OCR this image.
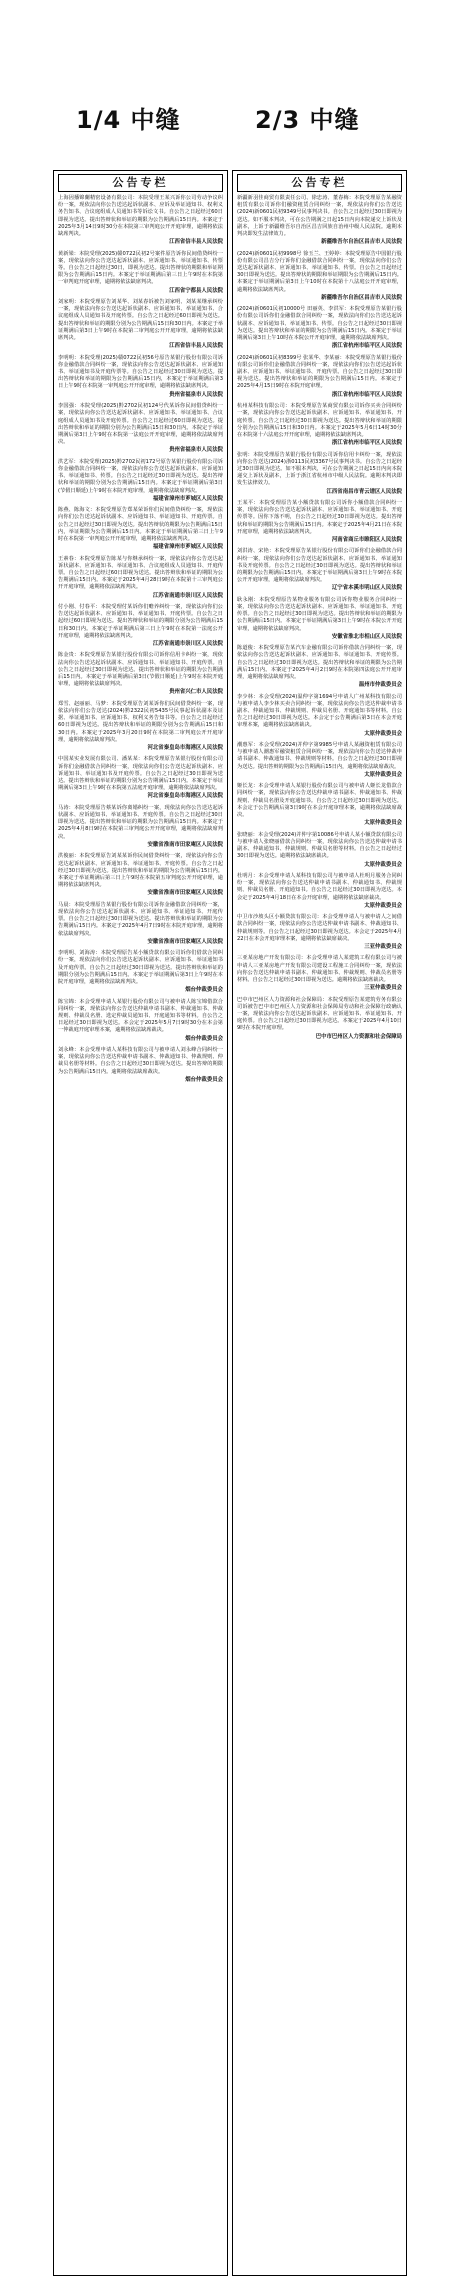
1/4 中缝	2/3 中缝
公告专栏

上海因播锦蘭精密设备有限公司：本院受理王某兴诉你公司劳动争议纠纷一案，现依法向你公告送达起诉状副本、应诉及举证通知书、权利义务告知书、合议庭组成人员通知书等诉讼文书。自公告之日起经过60日即视为送达。提出答辩状和举证的期限为公告期满后15日内。本案定于2025年3月14日9时30分在本院第三审判庭公开开庭审理，逾期将依法缺席判决。

江西省信丰县人民法院

黄新梁：本院受理(2025)赣0722民初2号案件原告诉你民间借贷纠纷一案，现依法向你公告送达起诉状副本、应诉通知书、举证通知书、传票等。自公告之日起经过30日，即视为送达。提出答辩状的期限和举证期限为公告期满后15日内。本案定于举证期满后第三日上午9时在本院第一审判庭开庭审理，逾期将依法缺席判决。

江西省宁都县人民法院

刘家明：本院受理原告刘某华、刘某春诉被告刘家明、刘某某继承纠纷一案，现依法向你公告送达起诉状副本、应诉通知书、举证通知书、合议庭组成人员通知书及开庭传票。自公告之日起经过60日即视为送达。提出答辩状和举证的期限分别为公告期满后15日和30日内。本案定于举证期满后第3日上午9时在本院第二审判庭公开开庭审理，逾期将依法缺席判决。

江西省信丰县人民法院

李明明：本院受理(2025)赣0722民初56号原告某银行股份有限公司诉你金融借款合同纠纷一案，现依法向你公告送达起诉状副本、应诉通知书、举证通知书及开庭传票等。自公告之日起经过30日即视为送达。提出答辩状和举证的期限为公告期满后15日内，本案定于举证期满后第3日上午9时在本院第一审判庭公开开庭审理，逾期将依法缺席判决。

贵州省福泉市人民法院

李国强：本院受理(2025)黔2702民初124号代某诉你民间借贷纠纷一案，现依法向你公告送达起诉状副本、应诉通知书、举证通知书、合议庭组成人员通知书及开庭传票。自公告之日起经过60日即视为送达。提出答辩状和举证的期限分别为公告期满后15日和30日内。本院定于举证期满后第3日上午9时在本院第一法庭公开开庭审理，逾期将依法缺席判决。

贵州省福泉市人民法院

洪艺军：本院受理(2025)黔2702民初172号原告某银行股份有限公司诉你金融借款合同纠纷一案，现依法向你公告送达起诉状副本、应诉通知书、举证通知书、传票。自公告之日起经过30日即视为送达。提出答辩状和举证的期限分别为公告期满后15日内。本案定于举证期满后第3日(节假日顺延)上午9时在本院开庭审理，逾期将依法缺席判决。

福建省漳州市芗城区人民法院

陈燕、陈海文：本院受理原告郑某荣诉你们民间借贷纠纷一案，现依法向你们公告送达起诉状副本、应诉通知书、举证通知书、开庭传票。自公告之日起经过30日即视为送达。提出答辩状的期限为公告期满后15日内，举证期限为公告期满后15日内。本案定于举证期满后第三日上午9时在本院第一审判庭公开开庭审理，逾期将依法缺席判决。

福建省漳州市芗城区人民法院

王素春：本院受理原告陈某与你继承纠纷一案，现依法向你公告送达起诉状副本、应诉通知书、举证通知书、合议庭组成人员通知书、开庭传票。自公告之日起经过60日即视为送达。提出答辩状和举证的期限为公告期满后15日内。本案定于2025年4月28日9时在本院第十三审判庭公开开庭审理，逾期将依法缺席判决。

江苏省南通市崇川区人民法院

付小刚、付春平：本院受理付某诉你们赡养纠纷一案，现依法向你们公告送达起诉状副本、应诉通知书、举证通知书、开庭传票。自公告之日起经过60日即视为送达。提出答辩状和举证的期限分别为公告期满后15日和30日内。本案定于举证期满后第三日上午9时在本院第一法庭公开开庭审理，逾期将依法缺席判决。

江苏省南通市崇川区人民法院

陈金贵：本院受理原告某银行股份有限公司诉你信用卡纠纷一案，现依法向你公告送达起诉状副本、应诉通知书、举证通知书、开庭传票。自公告之日起经过30日即视为送达。提出答辩状和举证的期限为公告期满后15日内。本案定于举证期满后第3日(节假日顺延)上午9时在本院开庭审理，逾期将依法缺席判决。

贵州省兴仁市人民法院

郑雪、赵丽丽、马梦：本院受理原告刘某诉你们民间借贷纠纷一案，现依法向你们公告送达(2024)黔2322民初5435号民事起诉状副本及证据、举证通知书、应诉通知书、权利义务告知书等。自公告之日起经过60日即视为送达。提出答辩状和举证的期限分别为公告期满后15日和30日内。本案定于2025年3月20日9时在本院第二审判庭公开开庭审理，逾期将依法缺席判决。

河北省秦皇岛市海港区人民法院

中国某实业发展有限公司、潘某某：本院受理原告某银行股份有限公司诉你们金融借款合同纠纷一案，现依法向你们公告送达起诉状副本、应诉通知书、举证通知书及开庭传票。自公告之日起经过30日即视为送达。提出答辩状和举证的期限分别为公告期满后15日内。本案定于举证期满后第3日上午9时在本院第五法庭开庭审理，逾期将依法缺席判决。

河北省秦皇岛市海港区人民法院

马涛：本院受理原告蔡某诉你离婚纠纷一案，现依法向你公告送达起诉状副本、应诉通知书、举证通知书、开庭传票。自公告之日起经过30日即视为送达。提出答辩状和举证的期限为公告期满后15日内。本案定于2025年4月8日9时在本院第三审判庭公开开庭审理，逾期将依法缺席判决。

安徽省淮南市田家庵区人民法院

洪俊丽：本院受理原告刘某某诉你民间借贷纠纷一案，现依法向你公告送达起诉状副本、应诉通知书、举证通知书、开庭传票。自公告之日起经过30日即视为送达。提出答辩状和举证的期限为公告期满后15日内。本案定于举证期满后第三日上午9时在本院第五审判庭公开开庭审理，逾期将依法缺席判决。

安徽省淮南市田家庵区人民法院

马晨：本院受理原告某银行股份有限公司诉你金融借款合同纠纷一案，现依法向你公告送达起诉状副本、应诉通知书、举证通知书、开庭传票。自公告之日起经过30日即视为送达。提出答辩状和举证的期限为公告期满后15日内。本案定于2025年4月7日9时在本院开庭审理，逾期将依法缺席判决。

安徽省淮南市田家庵区人民法院

李明明、刘海涛：本院受理原告某小额贷款有限公司诉你们借款合同纠纷一案，现依法向你们公告送达起诉状副本、应诉通知书、举证通知书及开庭传票。自公告之日起经过30日即视为送达。提出答辩状和举证的期限分别为公告期满后15日内。本案定于举证期满后第3日上午9时在本院开庭审理，逾期将依法缺席判决。

烟台仲裁委员会

陈宝锦：本会受理申请人某银行股份有限公司与被申请人陈宝锦借款合同纠纷一案，现依法向你公告送达仲裁申请书副本、仲裁通知书、仲裁规则、仲裁员名册、选定仲裁员通知书、开庭通知书等材料。自公告之日起经过30日即视为送达。本会定于2025年5月7日9时30分在本会第一仲裁庭开庭审理本案，逾期将依法缺席裁决。

烟台仲裁委员会

刘永峰：本会受理申请人某科技有限公司与被申请人刘永峰合同纠纷一案，现依法向你公告送达仲裁申请书副本、仲裁通知书、仲裁规则、仲裁员名册等材料。自公告之日起经过30日即视为送达。提出答辩的期限为公告期满后15日内。逾期将依法缺席裁决。

烟台仲裁委员会

公告专栏

新疆新羽佳商贸有限责任公司、徐忠涛、董春梅：本院受理原告某融资租赁有限公司诉你们融资租赁合同纠纷一案，现依法向你们公告送达(2024)新0601民初9349号民事判决书。自公告之日起经过30日即视为送达。如不服本判决，可在公告期满之日起15日内向本院递交上诉状及副本，上诉于新疆维吾尔自治区昌吉回族自治州中级人民法院。逾期本判决即发生法律效力。

新疆维吾尔自治区昌吉市人民法院

(2024)新0601民初9998号 徐玉兰、王婷婷：本院受理原告中国银行股份有限公司昌吉分行诉你们金融借款合同纠纷一案，现依法向你们公告送达起诉状副本、应诉通知书、举证通知书、传票。自公告之日起经过30日即视为送达。提出答辩状的期限和举证期限为公告期满后15日内。本案定于举证期满后第3日上午10时在本院第十八法庭公开开庭审理，逾期将依法缺席判决。

新疆维吾尔自治区昌吉市人民法院

(2024)新0601民初10000号 田丽英、李洪军：本院受理原告某银行股份有限公司诉你们金融借款合同纠纷一案，现依法向你们公告送达起诉状副本、应诉通知书、举证通知书、传票。自公告之日起经过30日即视为送达。提出答辩状和举证的期限为公告期满后15日内。本案定于举证期满后第3日上午10时在本院公开开庭审理，逾期将依法缺席判决。

浙江省杭州市临平区人民法院

(2024)新0601民初8399号 张某华、李某丽：本院受理原告某银行股份有限公司诉你们金融借款合同纠纷一案，现依法向你们公告送达起诉状副本、应诉通知书、举证通知书、开庭传票。自公告之日起经过30日即视为送达。提出答辩状和举证的期限为公告期满后15日内。本案定于2025年4月15日9时在本院开庭审理。

浙江省杭州市临平区人民法院

杭州某科技有限公司：本院受理原告某商贸有限公司诉你买卖合同纠纷一案，现依法向你公告送达起诉状副本、应诉通知书、举证通知书、开庭传票。自公告之日起经过30日即视为送达。提出答辩状和举证的期限分别为公告期满后15日和30日内。本案定于2025年5月6日14时30分在本院第十六法庭公开开庭审理，逾期将依法缺席判决。

浙江省杭州市临平区人民法院

张明：本院受理原告某银行股份有限公司诉你信用卡纠纷一案，现依法向你公告送达(2024)浙0113民初3367号民事判决书。自公告之日起经过30日即视为送达。如不服本判决，可在公告期满之日起15日内向本院递交上诉状及副本，上诉于浙江省杭州市中级人民法院。逾期本判决即发生法律效力。

江西省南昌市青云谱区人民法院

王某平：本院受理原告某小额贷款有限公司诉你小额借款合同纠纷一案，现依法向你公告送达起诉状副本、应诉通知书、举证通知书、开庭传票等。因你下落不明，自公告之日起经过30日即视为送达。提出答辩状和举证的期限为公告期满后15日内。本案定于2025年4月21日在本院开庭审理，逾期将依法缺席判决。

河南省商丘市睢阳区人民法院

刘洪涛、宋艳：本院受理原告某银行股份有限公司诉你们金融借款合同纠纷一案，现依法向你们公告送达起诉状副本、应诉通知书、举证通知书及开庭传票。自公告之日起经过30日即视为送达。提出答辩状和举证的期限为公告期满后15日内。本案定于举证期满后第3日上午9时在本院公开开庭审理，逾期将依法缺席判决。

辽宁省本溪市明山区人民法院

耿永刚：本院受理原告某物业服务有限公司诉你物业服务合同纠纷一案，现依法向你公告送达起诉状副本、应诉通知书、举证通知书、开庭传票。自公告之日起经过30日即视为送达。提出答辩状和举证的期限为公告期满后15日内。本案定于举证期满后第3日上午9时在本院公开开庭审理，逾期将依法缺席判决。

安徽省淮北市相山区人民法院

陈道俊：本院受理原告某汽车金融有限公司诉你借款合同纠纷一案，现依法向你公告送达起诉状副本、应诉通知书、举证通知书、开庭传票。自公告之日起经过30日即视为送达。提出答辩状和举证的期限为公告期满后15日内。本案定于2025年4月2日9时在本院第四法庭公开开庭审理，逾期将依法缺席判决。

温州市仲裁委员会

李少林：本会受理(2024)温仲字第1694号申请人广州某科技有限公司与被申请人李少林买卖合同纠纷一案，现依法向你公告送达仲裁申请书副本、仲裁通知书、仲裁规则、仲裁员名册、开庭通知书等材料。自公告之日起经过30日即视为送达。本会定于公告期满后第3日在本会开庭审理本案，逾期将依法缺席裁决。

太原仲裁委员会

潮惠军：本会受理(2024)并仲字第9985号申请人某融资租赁有限公司与被申请人潮惠军融资租赁合同纠纷一案，现依法向你公告送达仲裁申请书副本、仲裁通知书、仲裁规则等材料。自公告之日起经过30日即视为送达。提出答辩的期限为公告期满后15日内，逾期将依法缺席裁决。

太原仲裁委员会

姬长龙：本会受理申请人某银行股份有限公司与被申请人姬长龙借款合同纠纷一案，现依法向你公告送达仲裁申请书副本、仲裁通知书、仲裁规则、仲裁员名册及开庭通知书。自公告之日起经过30日即视为送达。本会定于公告期满后第3日9时在本会开庭审理本案，逾期将依法缺席裁决。

太原仲裁委员会

张晓丽：本会受理(2024)并仲字第10086号申请人某小额贷款有限公司与被申请人张晓丽借款合同纠纷一案，现依法向你公告送达仲裁申请书副本、仲裁通知书、仲裁规则、仲裁员名册等材料。自公告之日起经过30日即视为送达。逾期将依法缺席裁决。

太原仲裁委员会

杜明月：本会受理申请人某科技有限公司与被申请人杜明月服务合同纠纷一案，现依法向你公告送达仲裁申请书副本、仲裁通知书、仲裁规则、仲裁员名册、开庭通知书。自公告之日起经过30日即视为送达。本会定于2025年4月18日在本会开庭审理，逾期将依法缺席裁决。

太原仲裁委员会

中卫市沙坡头区小额贷款有限公司：本会受理申请人与被申请人之间借款合同纠纷一案，现依法向你公告送达仲裁申请书副本、仲裁通知书、仲裁规则等。自公告之日起经过30日即视为送达。本会定于2025年4月22日在本会开庭审理本案，逾期将依法缺席裁决。

三亚仲裁委员会

三亚某房地产开发有限公司：本会受理申请人某建筑工程有限公司与被申请人三亚某房地产开发有限公司建设工程施工合同纠纷一案，现依法向你公告送达仲裁申请书副本、仲裁通知书、仲裁规则、仲裁员名册等材料。自公告之日起经过30日即视为送达。逾期将依法缺席裁决。

三亚仲裁委员会

巴中市巴州区人力资源和社会保障局：本院受理原告某建筑劳务有限公司诉被告巴中市巴州区人力资源和社会保障局劳动和社会保障行政确认一案，现依法向你公告送达起诉状副本、应诉通知书、举证通知书、开庭传票。自公告之日起经过30日即视为送达。本案定于2025年4月10日9时在本院开庭审理。

巴中市巴州区人力资源和社会保障局
